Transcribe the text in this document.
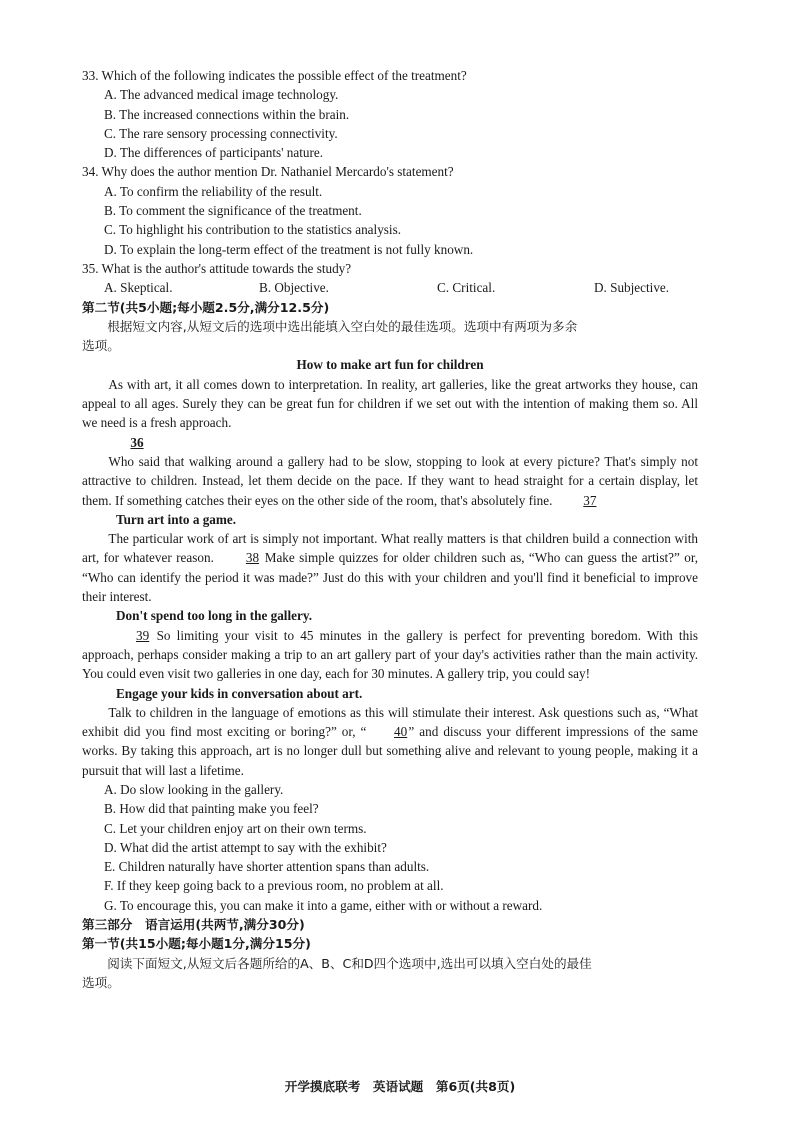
33. Which of the following indicates the possible effect of the treatment?
A. The advanced medical image technology.
B. The increased connections within the brain.
C. The rare sensory processing connectivity.
D. The differences of participants' nature.
34. Why does the author mention Dr. Nathaniel Mercardo's statement?
A. To confirm the reliability of the result.
B. To comment the significance of the treatment.
C. To highlight his contribution to the statistics analysis.
D. To explain the long-term effect of the treatment is not fully known.
35. What is the author's attitude towards the study?
A. Skeptical.	B. Objective.	C. Critical.	D. Subjective.
第二节(共5小题;每小题2.5分,满分12.5分)
根据短文内容,从短文后的选项中选出能填入空白处的最佳选项。选项中有两项为多余
选项。
How to make art fun for children
As with art, it all comes down to interpretation. In reality, art galleries, like the great artworks they house, can appeal to all ages. Surely they can be great fun for children if we set out with the intention of making them so. All we need is a fresh approach.
36
Who said that walking around a gallery had to be slow, stopping to look at every picture? That's simply not attractive to children. Instead, let them decide on the pace. If they want to head straight for a certain display, let them. If something catches their eyes on the other side of the room, that's absolutely fine. 37
Turn art into a game.
The particular work of art is simply not important. What really matters is that children build a connection with art, for whatever reason. 38 Make simple quizzes for older children such as, “Who can guess the artist?” or, “Who can identify the period it was made?” Just do this with your children and you'll find it beneficial to improve their interest.
Don't spend too long in the gallery.
39 So limiting your visit to 45 minutes in the gallery is perfect for preventing boredom. With this approach, perhaps consider making a trip to an art gallery part of your day's activities rather than the main activity. You could even visit two galleries in one day, each for 30 minutes. A gallery trip, you could say!
Engage your kids in conversation about art.
Talk to children in the language of emotions as this will stimulate their interest. Ask questions such as, “What exhibit did you find most exciting or boring?” or, “ 40” and discuss your different impressions of the same works. By taking this approach, art is no longer dull but something alive and relevant to young people, making it a pursuit that will last a lifetime.
A. Do slow looking in the gallery.
B. How did that painting make you feel?
C. Let your children enjoy art on their own terms.
D. What did the artist attempt to say with the exhibit?
E. Children naturally have shorter attention spans than adults.
F. If they keep going back to a previous room, no problem at all.
G. To encourage this, you can make it into a game, either with or without a reward.
第三部分　语言运用(共两节,满分30分)
第一节(共15小题;每小题1分,满分15分)
阅读下面短文,从短文后各题所给的A、B、C和D四个选项中,选出可以填入空白处的最佳
选项。
开学摸底联考　英语试题　第6页(共8页)
